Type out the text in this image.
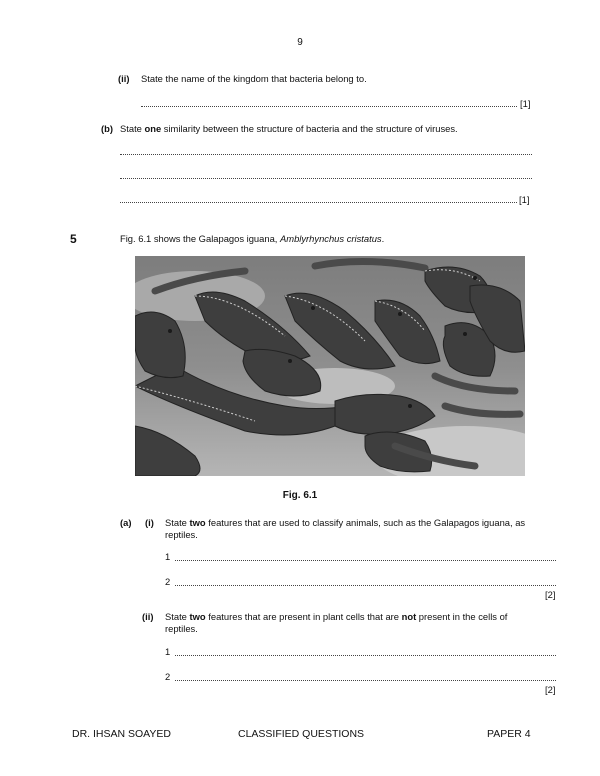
9
(ii) State the name of the kingdom that bacteria belong to.
[1]
(b) State one similarity between the structure of bacteria and the structure of viruses.
[1]
5	Fig. 6.1 shows the Galapagos iguana, Amblyrhynchus cristatus.
Fig. 6.1
(a) (i) State two features that are used to classify animals, such as the Galapagos iguana, as
reptiles.
1
2
[2]
(ii) State two features that are present in plant cells that are not present in the cells of
reptiles.
1
2
[2]
DR. IHSAN SOAYED	CLASSIFIED QUESTIONS	PAPER 4
